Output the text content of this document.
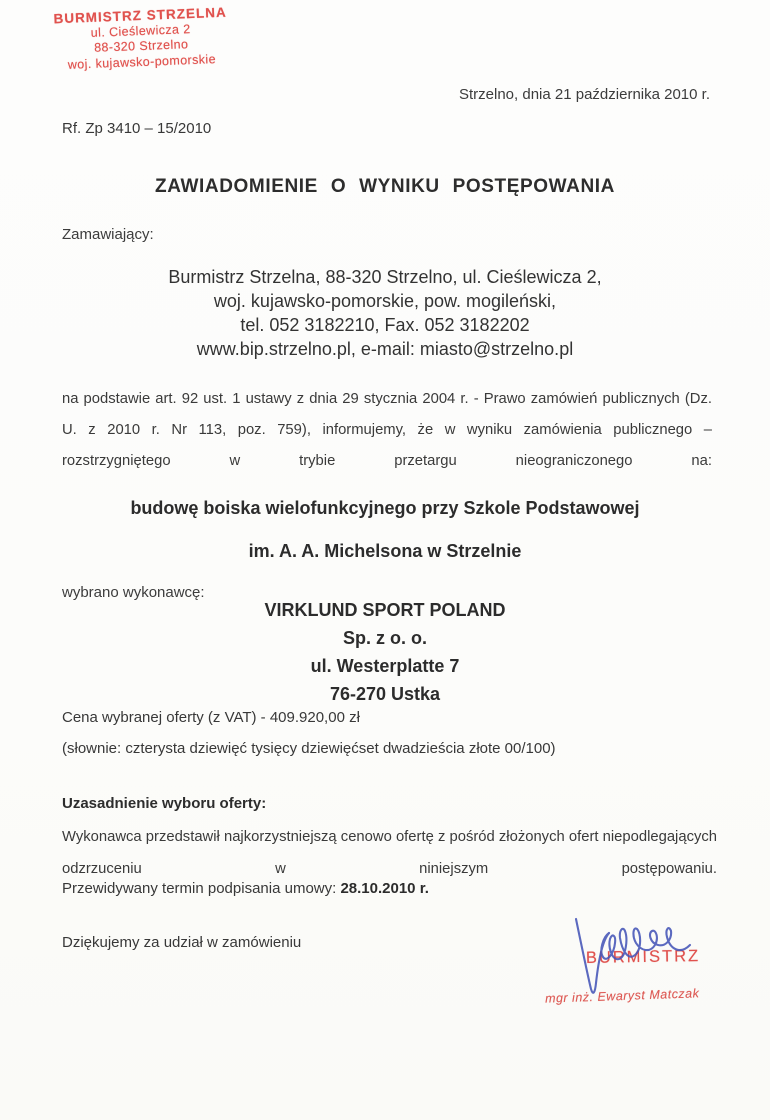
BURMISTRZ STRZELNA
ul. Cieślewicza 2
88-320 Strzelno
woj. kujawsko-pomorskie
Strzelno, dnia 21 października 2010 r.
Rf. Zp 3410 – 15/2010
ZAWIADOMIENIE O WYNIKU POSTĘPOWANIA
Zamawiający:
Burmistrz Strzelna, 88-320 Strzelno, ul. Cieślewicza 2,
woj. kujawsko-pomorskie, pow. mogileński,
tel. 052 3182210, Fax. 052 3182202
www.bip.strzelno.pl, e-mail: miasto@strzelno.pl
na podstawie art. 92 ust. 1 ustawy z dnia 29 stycznia 2004 r. - Prawo zamówień publicznych (Dz. U. z 2010 r. Nr 113, poz. 759), informujemy, że w wyniku zamówienia publicznego – rozstrzygniętego w trybie przetargu nieograniczonego na:
budowę boiska wielofunkcyjnego przy Szkole Podstawowej
im. A. A. Michelsona w Strzelnie
wybrano wykonawcę:
VIRKLUND SPORT POLAND
Sp. z o. o.
ul. Westerplatte 7
76-270 Ustka
Cena wybranej oferty (z VAT) - 409.920,00 zł
(słownie: czterysta dziewięć tysięcy dziewięćset dwadzieścia złote 00/100)
Uzasadnienie wyboru oferty:
Wykonawca przedstawił najkorzystniejszą cenowo ofertę z pośród złożonych ofert niepodlegających odzrzuceniu w niniejszym postępowaniu.
Przewidywany termin podpisania umowy: 28.10.2010 r.
Dziękujemy za udział w zamówieniu
BURMISTRZ
mgr inż. Ewaryst Matczak
